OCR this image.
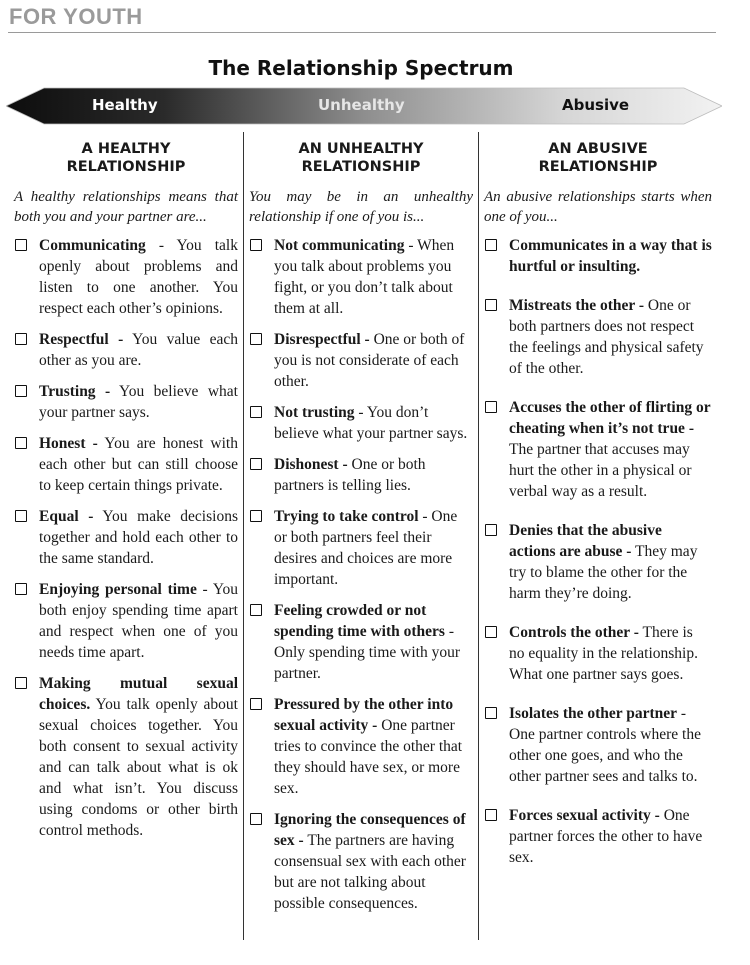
FOR YOUTH
The Relationship Spectrum
Healthy	Unhealthy	Abusive
A HEALTHY
RELATIONSHIP
A healthy relationships means that both you and your partner are...
Communicating - You talk openly about problems and listen to one another. You respect each other’s opinions.
Respectful - You value each other as you are.
Trusting - You believe what your partner says.
Honest - You are honest with each other but can still choose to keep certain things private.
Equal - You make decisions together and hold each other to the same standard.
Enjoying personal time - You both enjoy spending time apart and respect when one of you needs time apart.
Making mutual sexual choices. You talk openly about sexual choices together. You both consent to sexual activity and can talk about what is ok and what isn’t. You discuss using condoms or other birth control methods.
AN UNHEALTHY
RELATIONSHIP
You may be in an unhealthy relationship if one of you is...
Not communicating - When you talk about problems you fight, or you don’t talk about them at all.
Disrespectful - One or both of you is not considerate of each other.
Not trusting - You don’t believe what your partner says.
Dishonest - One or both partners is telling lies.
Trying to take control - One or both partners feel their desires and choices are more important.
Feeling crowded or not spending time with others - Only spending time with your partner.
Pressured by the other into sexual activity - One partner tries to convince the other that they should have sex, or more sex.
Ignoring the consequences of sex - The partners are having consensual sex with each other but are not talking about possible consequences.
AN ABUSIVE
RELATIONSHIP
An abusive relationships starts when one of you...
Communicates in a way that is hurtful or insulting.
Mistreats the other - One or both partners does not respect the feelings and physical safety of the other.
Accuses the other of flirting or cheating when it’s not true - The partner that accuses may hurt the other in a physical or verbal way as a result.
Denies that the abusive actions are abuse - They may try to blame the other for the harm they’re doing.
Controls the other - There is no equality in the relationship. What one partner says goes.
Isolates the other partner - One partner controls where the other one goes, and who the other partner sees and talks to.
Forces sexual activity - One partner forces the other to have sex.
